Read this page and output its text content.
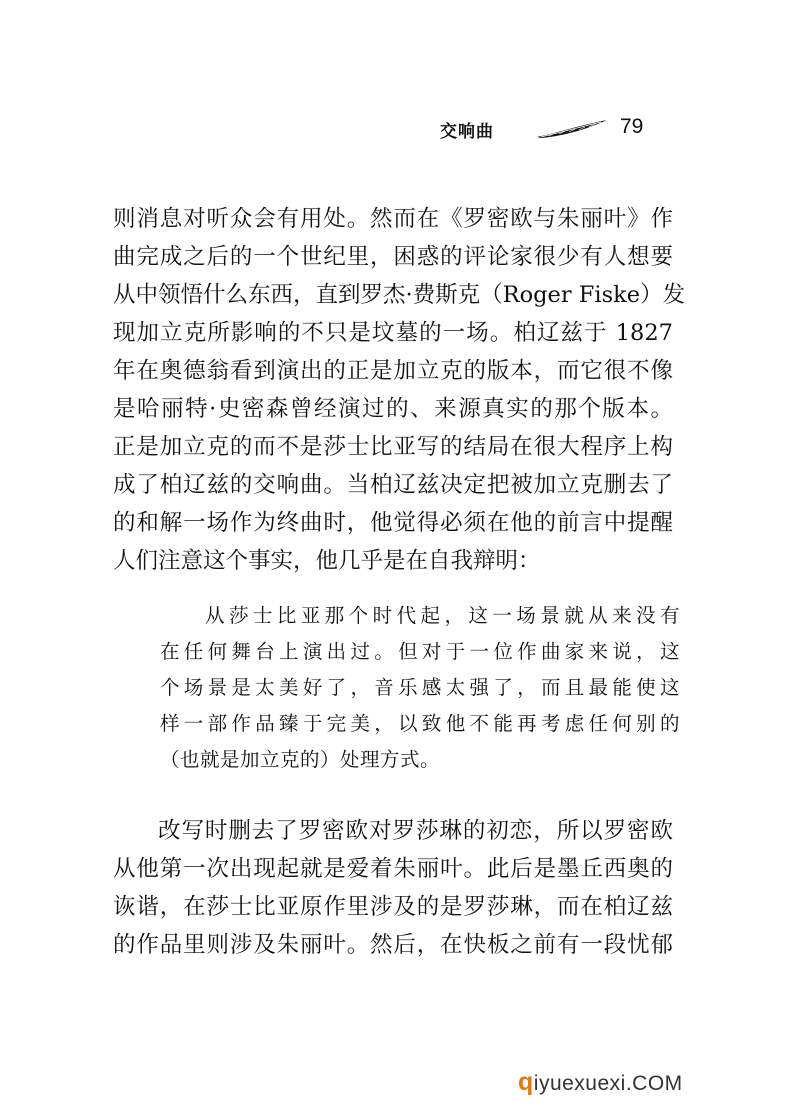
交响曲	79
则消息对听众会有用处。然而在《罗密欧与朱丽叶》作
曲完成之后的一个世纪里，困惑的评论家很少有人想要
从中领悟什么东西，直到罗杰·费斯克（Roger Fiske）发
现加立克所影响的不只是坟墓的一场。柏辽兹于 1827
年在奥德翁看到演出的正是加立克的版本，而它很不像
是哈丽特·史密森曾经演过的、来源真实的那个版本。
正是加立克的而不是莎士比亚写的结局在很大程序上构
成了柏辽兹的交响曲。当柏辽兹决定把被加立克删去了
的和解一场作为终曲时，他觉得必须在他的前言中提醒
人们注意这个事实，他几乎是在自我辩明：
从莎士比亚那个时代起，这一场景就从来没有
在任何舞台上演出过。但对于一位作曲家来说，这
个场景是太美好了，音乐感太强了，而且最能使这
样一部作品臻于完美，以致他不能再考虑任何别的
（也就是加立克的）处理方式。
改写时删去了罗密欧对罗莎琳的初恋，所以罗密欧
从他第一次出现起就是爱着朱丽叶。此后是墨丘西奥的
诙谐，在莎士比亚原作里涉及的是罗莎琳，而在柏辽兹
的作品里则涉及朱丽叶。然后，在快板之前有一段忧郁
qiyuexuexi.COM
